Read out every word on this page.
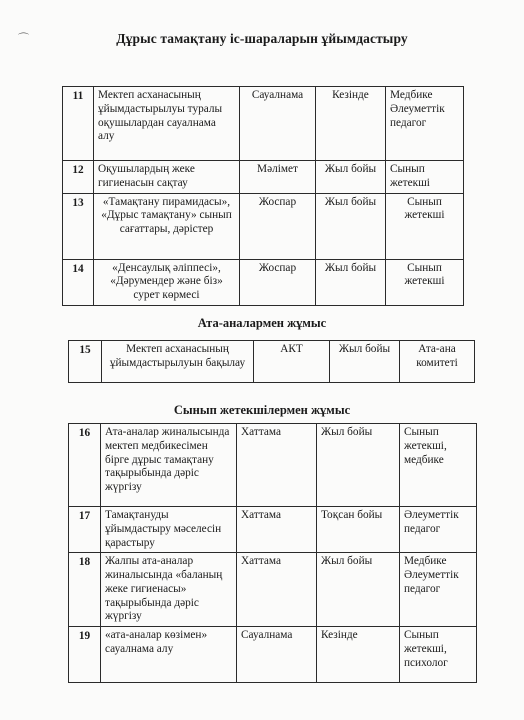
⌒	Дұрыс тамақтану іс-шараларын ұйымдастыру
11	Мектеп асханасының ұйымдастырылуы туралы оқушылардан сауалнама алу	Сауалнама	Кезінде	Медбике Әлеуметтік педагог
12	Оқушылардың жеке гигиенасын сақтау	Мәлімет	Жыл бойы	Сынып жетекші
13	«Тамақтану пирамидасы», «Дұрыс тамақтану» сынып сағаттары, дәрістер	Жоспар	Жыл бойы	Сынып жетекші
14	«Денсаулық әліппесі», «Дәрумендер және біз» сурет көрмесі	Жоспар	Жыл бойы	Сынып жетекші
Ата-аналармен жұмыс
15	Мектеп асханасының ұйымдастырылуын бақылау	АКТ	Жыл бойы	Ата-ана комитеті
Сынып жетекшілермен жұмыс
16	Ата-аналар жиналысында мектеп медбикесімен бірге дұрыс тамақтану тақырыбында дәріс жүргізу	Хаттама	Жыл бойы	Сынып жетекші, медбике
17	Тамақтануды ұйымдастыру мәселесін қарастыру	Хаттама	Тоқсан бойы	Әлеуметтік педагог
18	Жалпы ата-аналар жиналысында «баланың жеке гигиенасы» тақырыбында дәріс жүргізу	Хаттама	Жыл бойы	Медбике Әлеуметтік педагог
19	«ата-аналар көзімен» сауалнама алу	Сауалнама	Кезінде	Сынып жетекші, психолог
